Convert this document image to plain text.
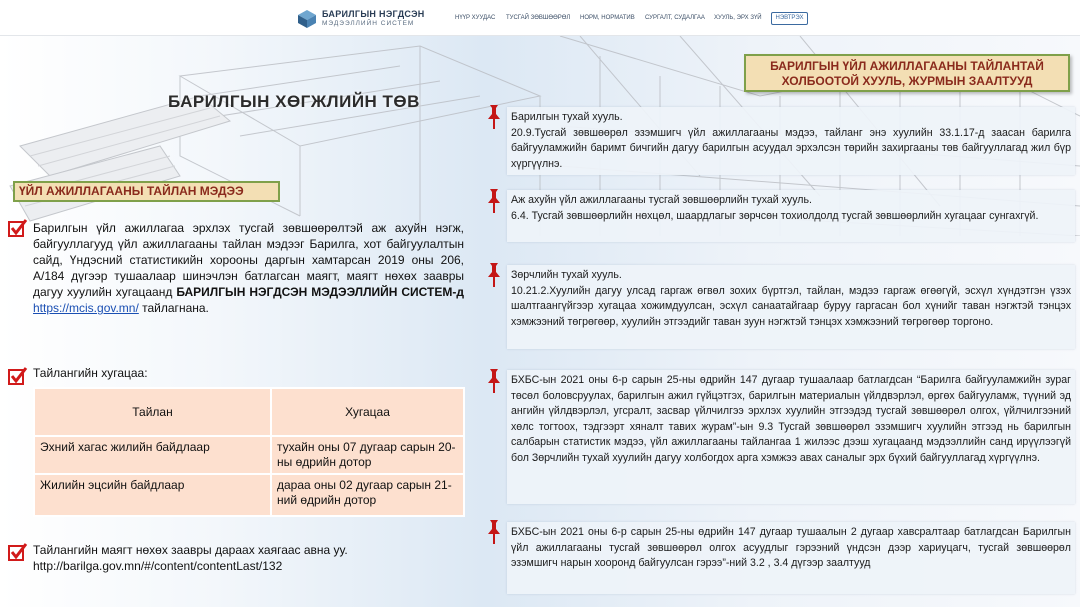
БАРИЛГЫН НЭГДСЭН
МЭДЭЭЛЛИЙН СИСТЕМ
НҮҮР ХУУДАС ТУСГАЙ ЗӨВШӨӨРӨЛ НОРМ, НОРМАТИВ СУРГАЛТ, СУДАЛГАА ХУУЛЬ, ЭРХ ЗҮЙ	НЭВТРЭХ
БАРИЛГЫН ХӨГЖЛИЙН ТӨВ
БАРИЛГЫН ҮЙЛ АЖИЛЛАГААНЫ ТАЙЛАНТАЙ
ХОЛБООТОЙ ХУУЛЬ, ЖУРМЫН ЗААЛТУУД
ҮЙЛ АЖИЛЛАГААНЫ ТАЙЛАН МЭДЭЭ
Барилгын үйл ажиллагаа эрхлэх тусгай зөвшөөрөлтэй аж ахуйн нэгж, байгууллагууд үйл ажиллагааны тайлан мэдээг Барилга, хот байгуулалтын сайд, Үндэсний статистикийн хорооны даргын хамтарсан 2019 оны 206, А/184 дүгээр тушаалаар шинэчлэн батлагсан маягт, маягт нөхөх заавры дагуу хуулийн хугацаанд БАРИЛГЫН НЭГДСЭН МЭДЭЭЛЛИЙН СИСТЕМ-д https://mcis.gov.mn/ тайлагнана.
Тайлангийн хугацаа:
Тайлан	Хугацаа
Эхний хагас жилийн байдлаар	тухайн оны 07 дугаар сарын 20-ны өдрийн дотор
Жилийн эцсийн байдлаар	дараа оны 02 дугаар сарын 21-ний өдрийн дотор
Тайлангийн маягт нөхөх заавры дараах хаягаас авна уу.
http://barilga.gov.mn/#/content/contentLast/132
Барилгын тухай хууль.
20.9.Тусгай зөвшөөрөл эзэмшигч үйл ажиллагааны мэдээ, тайланг энэ хуулийн 33.1.17-д заасан барилга байгууламжийн баримт бичгийн дагуу барилгын асуудал эрхэлсэн төрийн захиргааны төв байгууллагад жил бүр хүргүүлнэ.
Аж ахуйн үйл ажиллагааны тусгай зөвшөөрлийн тухай хууль.
6.4. Тусгай зөвшөөрлийн нөхцөл, шаардлагыг зөрчсөн тохиолдолд тусгай зөвшөөрлийн хугацааг сунгахгүй.
Зөрчлийн тухай хууль.
10.21.2.Хуулийн дагуу улсад гаргаж өгвөл зохих бүртгэл, тайлан, мэдээ гаргаж өгөөгүй, эсхүл хүндэтгэн үзэх шалтгаангүйгээр хугацаа хожимдуулсан, эсхүл санаатайгаар буруу гаргасан бол хүнийг таван нэгжтэй тэнцэх хэмжээний төгрөгөөр, хуулийн этгээдийг таван зуун нэгжтэй тэнцэх хэмжээний төгрөгөөр торгоно.
БХБС-ын 2021 оны 6-р сарын 25-ны өдрийн 147 дугаар тушаалаар батлагдсан “Барилга байгууламжийн зураг төсөл боловсруулах, барилгын ажил гүйцэтгэх, барилгын материалын үйлдвэрлэл, өргөх байгууламж, түүний эд ангийн үйлдвэрлэл, угсралт, засвар үйлчилгээ эрхлэх хуулийн этгээдэд тусгай зөвшөөрөл олгох, үйлчилгээний хөлс тогтоох, тэдгээрт хяналт тавих журам”-ын 9.3 Тусгай зөвшөөрөл эзэмшигч хуулийн этгээд нь барилгын салбарын статистик мэдээ, үйл ажиллагааны тайлангаа 1 жилээс дээш хугацаанд мэдээллийн санд ирүүлээгүй бол Зөрчлийн тухай хуулийн дагуу холбогдох арга хэмжээ авах саналыг эрх бүхий байгууллагад хүргүүлнэ.
БХБС-ын 2021 оны 6-р сарын 25-ны өдрийн 147 дугаар тушаалын 2 дугаар хавсралтаар батлагдсан Барилгын үйл ажиллагааны тусгай зөвшөөрөл олгох асуудлыг гэрээний үндсэн дээр хариуцагч, тусгай зөвшөөрөл эзэмшигч нарын хооронд байгуулсан гэрээ”-ний 3.2 , 3.4 дүгээр заалтууд
